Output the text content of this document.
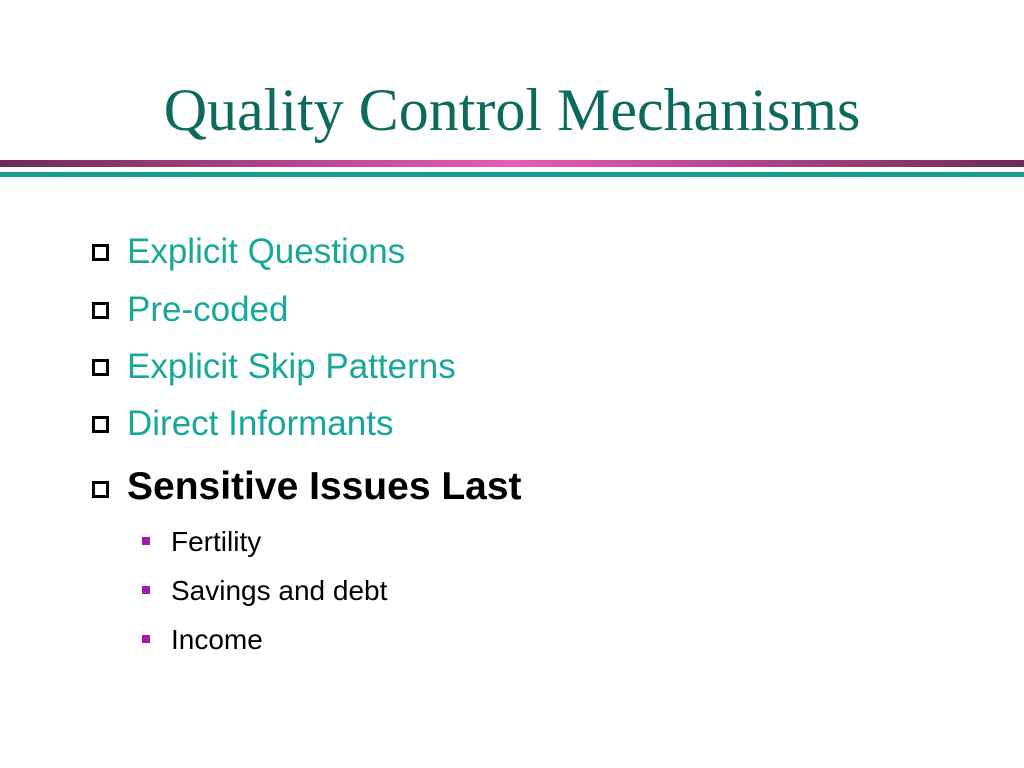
Quality Control Mechanisms
Explicit Questions
Pre-coded
Explicit Skip Patterns
Direct Informants
Sensitive Issues Last
Fertility
Savings and debt
Income
